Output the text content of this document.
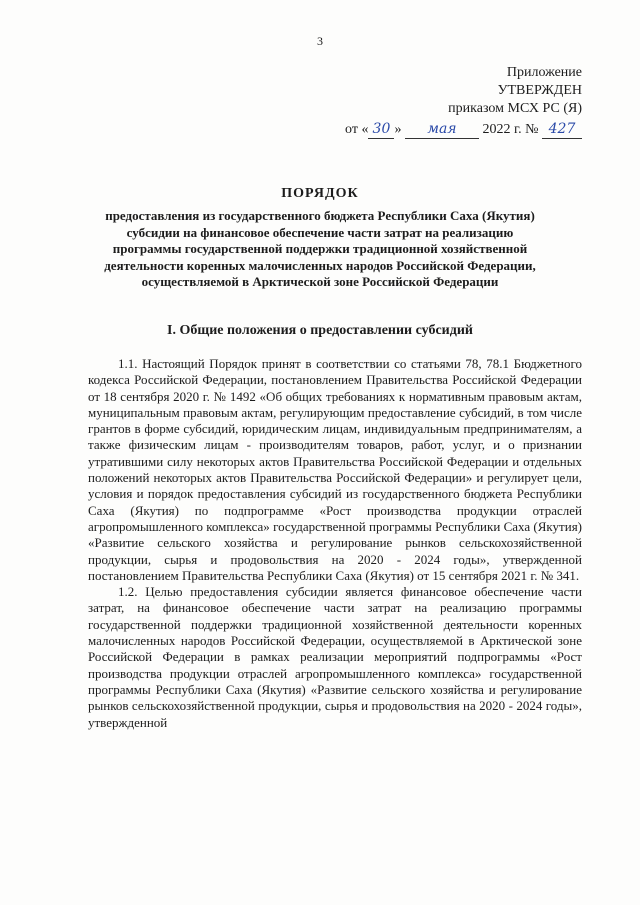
3
Приложение
УТВЕРЖДЕН
приказом МСХ РС (Я)
от « 30 » мая 2022 г. № 427
ПОРЯДОК
предоставления из государственного бюджета Республики Саха (Якутия) субсидии на финансовое обеспечение части затрат на реализацию программы государственной поддержки традиционной хозяйственной деятельности коренных малочисленных народов Российской Федерации, осуществляемой в Арктической зоне Российской Федерации
I. Общие положения о предоставлении субсидий

1.1. Настоящий Порядок принят в соответствии со статьями 78, 78.1 Бюджетного кодекса Российской Федерации, постановлением Правительства Российской Федерации от 18 сентября 2020 г. № 1492 «Об общих требованиях к нормативным правовым актам, муниципальным правовым актам, регулирующим предоставление субсидий, в том числе грантов в форме субсидий, юридическим лицам, индивидуальным предпринимателям, а также физическим лицам - производителям товаров, работ, услуг, и о признании утратившими силу некоторых актов Правительства Российской Федерации и отдельных положений некоторых актов Правительства Российской Федерации» и регулирует цели, условия и порядок предоставления субсидий из государственного бюджета Республики Саха (Якутия) по подпрограмме «Рост производства продукции отраслей агропромышленного комплекса» государственной программы Республики Саха (Якутия) «Развитие сельского хозяйства и регулирование рынков сельскохозяйственной продукции, сырья и продовольствия на 2020 - 2024 годы», утвержденной постановлением Правительства Республики Саха (Якутия) от 15 сентября 2021 г. № 341.

1.2. Целью предоставления субсидии является финансовое обеспечение части затрат, на финансовое обеспечение части затрат на реализацию программы государственной поддержки традиционной хозяйственной деятельности коренных малочисленных народов Российской Федерации, осуществляемой в Арктической зоне Российской Федерации в рамках реализации мероприятий подпрограммы «Рост производства продукции отраслей агропромышленного комплекса» государственной программы Республики Саха (Якутия) «Развитие сельского хозяйства и регулирование рынков сельскохозяйственной продукции, сырья и продовольствия на 2020 - 2024 годы», утвержденной
